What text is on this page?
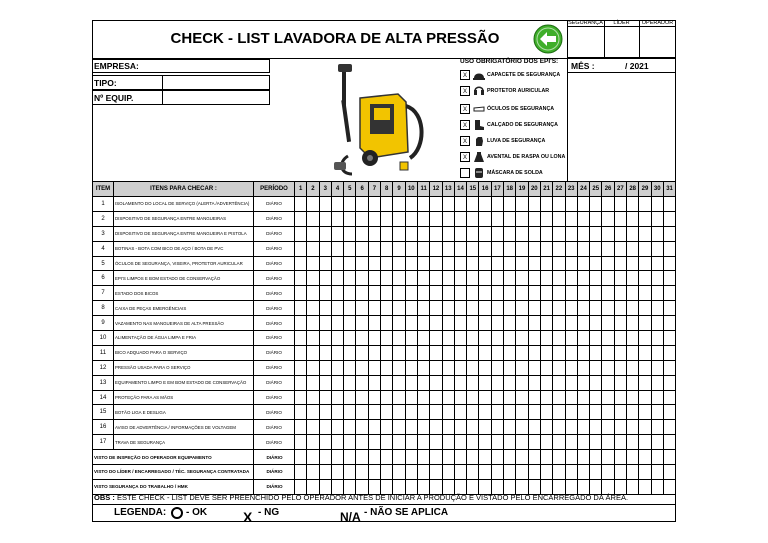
CHECK - LIST LAVADORA DE ALTA PRESSÃO
SEGURANÇA	LÍDER	OPERADOR
EMPRESA:
TIPO:
Nº EQUIP.
USO OBRIGATÓRIO DOS EPI'S: MÊS :	/ 2021
X	CAPACETE DE SEGURANÇA
X	PROTETOR AURICULAR
X	ÓCULOS DE SEGURANÇA
X	CALÇADO DE SEGURANÇA
X	LUVA DE SEGURANÇA
X	AVENTAL DE RASPA OU LONA
MÁSCARA DE SOLDA
ITEM	ITENS PARA CHECAR :	PERÍODO	1	2	3	4	5	6	7	8	9	10	11	12	13	14	15	16	17	18	19	20	21	22	23	24	25	26	27	28	29	30	31
1	ISOLAMENTO DO LOCAL DE SERVIÇO (ALERTA /ADVERTÊNCIA)	DIÁRIO																															
2	DISPOSITIVO DE SEGURANÇA ENTRE MANGUEIRAS	DIÁRIO																															
3	DISPOSITIVO DE SEGURANÇA ENTRE MANGUEIRA E PISTOLA	DIÁRIO																															
4	BOTINAS - BOTA COM BICO DE AÇO / BOTA DE PVC	DIÁRIO																															
5	ÓCULOS DE SEGURANÇA, VISEIRA, PROTETOR AURICULAR	DIÁRIO																															
6	EPI'S LIMPOS E BOM ESTADO DE CONSERVAÇÃO	DIÁRIO																															
7	ESTADO DOS BICOS	DIÁRIO																															
8	CAIXA DE PEÇAS EMERGÊNCIAIS	DIÁRIO																															
9	VAZAMENTO NAS MANGUEIRAS DE ALTA PRESSÃO	DIÁRIO																															
10	ALIMENTAÇÃO DE ÁGUA LIMPA E FRIA	DIÁRIO																															
11	BICO ADQUADO PARA O SERVIÇO	DIÁRIO																															
12	PRESSÃO USADA PARA O SERVIÇO	DIÁRIO																															
13	EQUIPAMENTO LIMPO E EM BOM ESTADO DE CONSERVAÇÃO	DIÁRIO																															
14	PROTEÇÃO PARA AS MÃOS	DIÁRIO																															
15	BOTÃO LIGA E DESLIGA	DIÁRIO																															
16	AVISO DE ADVERTÊNCIA / INFORMAÇÕES DE VOLTAGEM	DIÁRIO																															
17	TRAVA DE SEGURANÇA	DIÁRIO																															
VISTO DE INSPEÇÃO DO OPERADOR EQUIPAMENTO		DIÁRIO																															
VISTO DO LÍDER / ENCARREGADO / TÉC. SEGURANÇA CONTRATADA		DIÁRIO																															
VISTO SEGURANÇA DO TRABALHO / HMK		DIÁRIO																															
OBS : ESTE CHECK - LIST DEVE SER PREENCHIDO PELO OPERADOR ANTES DE INICIAR A PRODUÇÃO E VISTADO PELO ENCARREGADO DA ÁREA.
LEGENDA: - OK	X - NG	N/A - NÃO SE APLICA
